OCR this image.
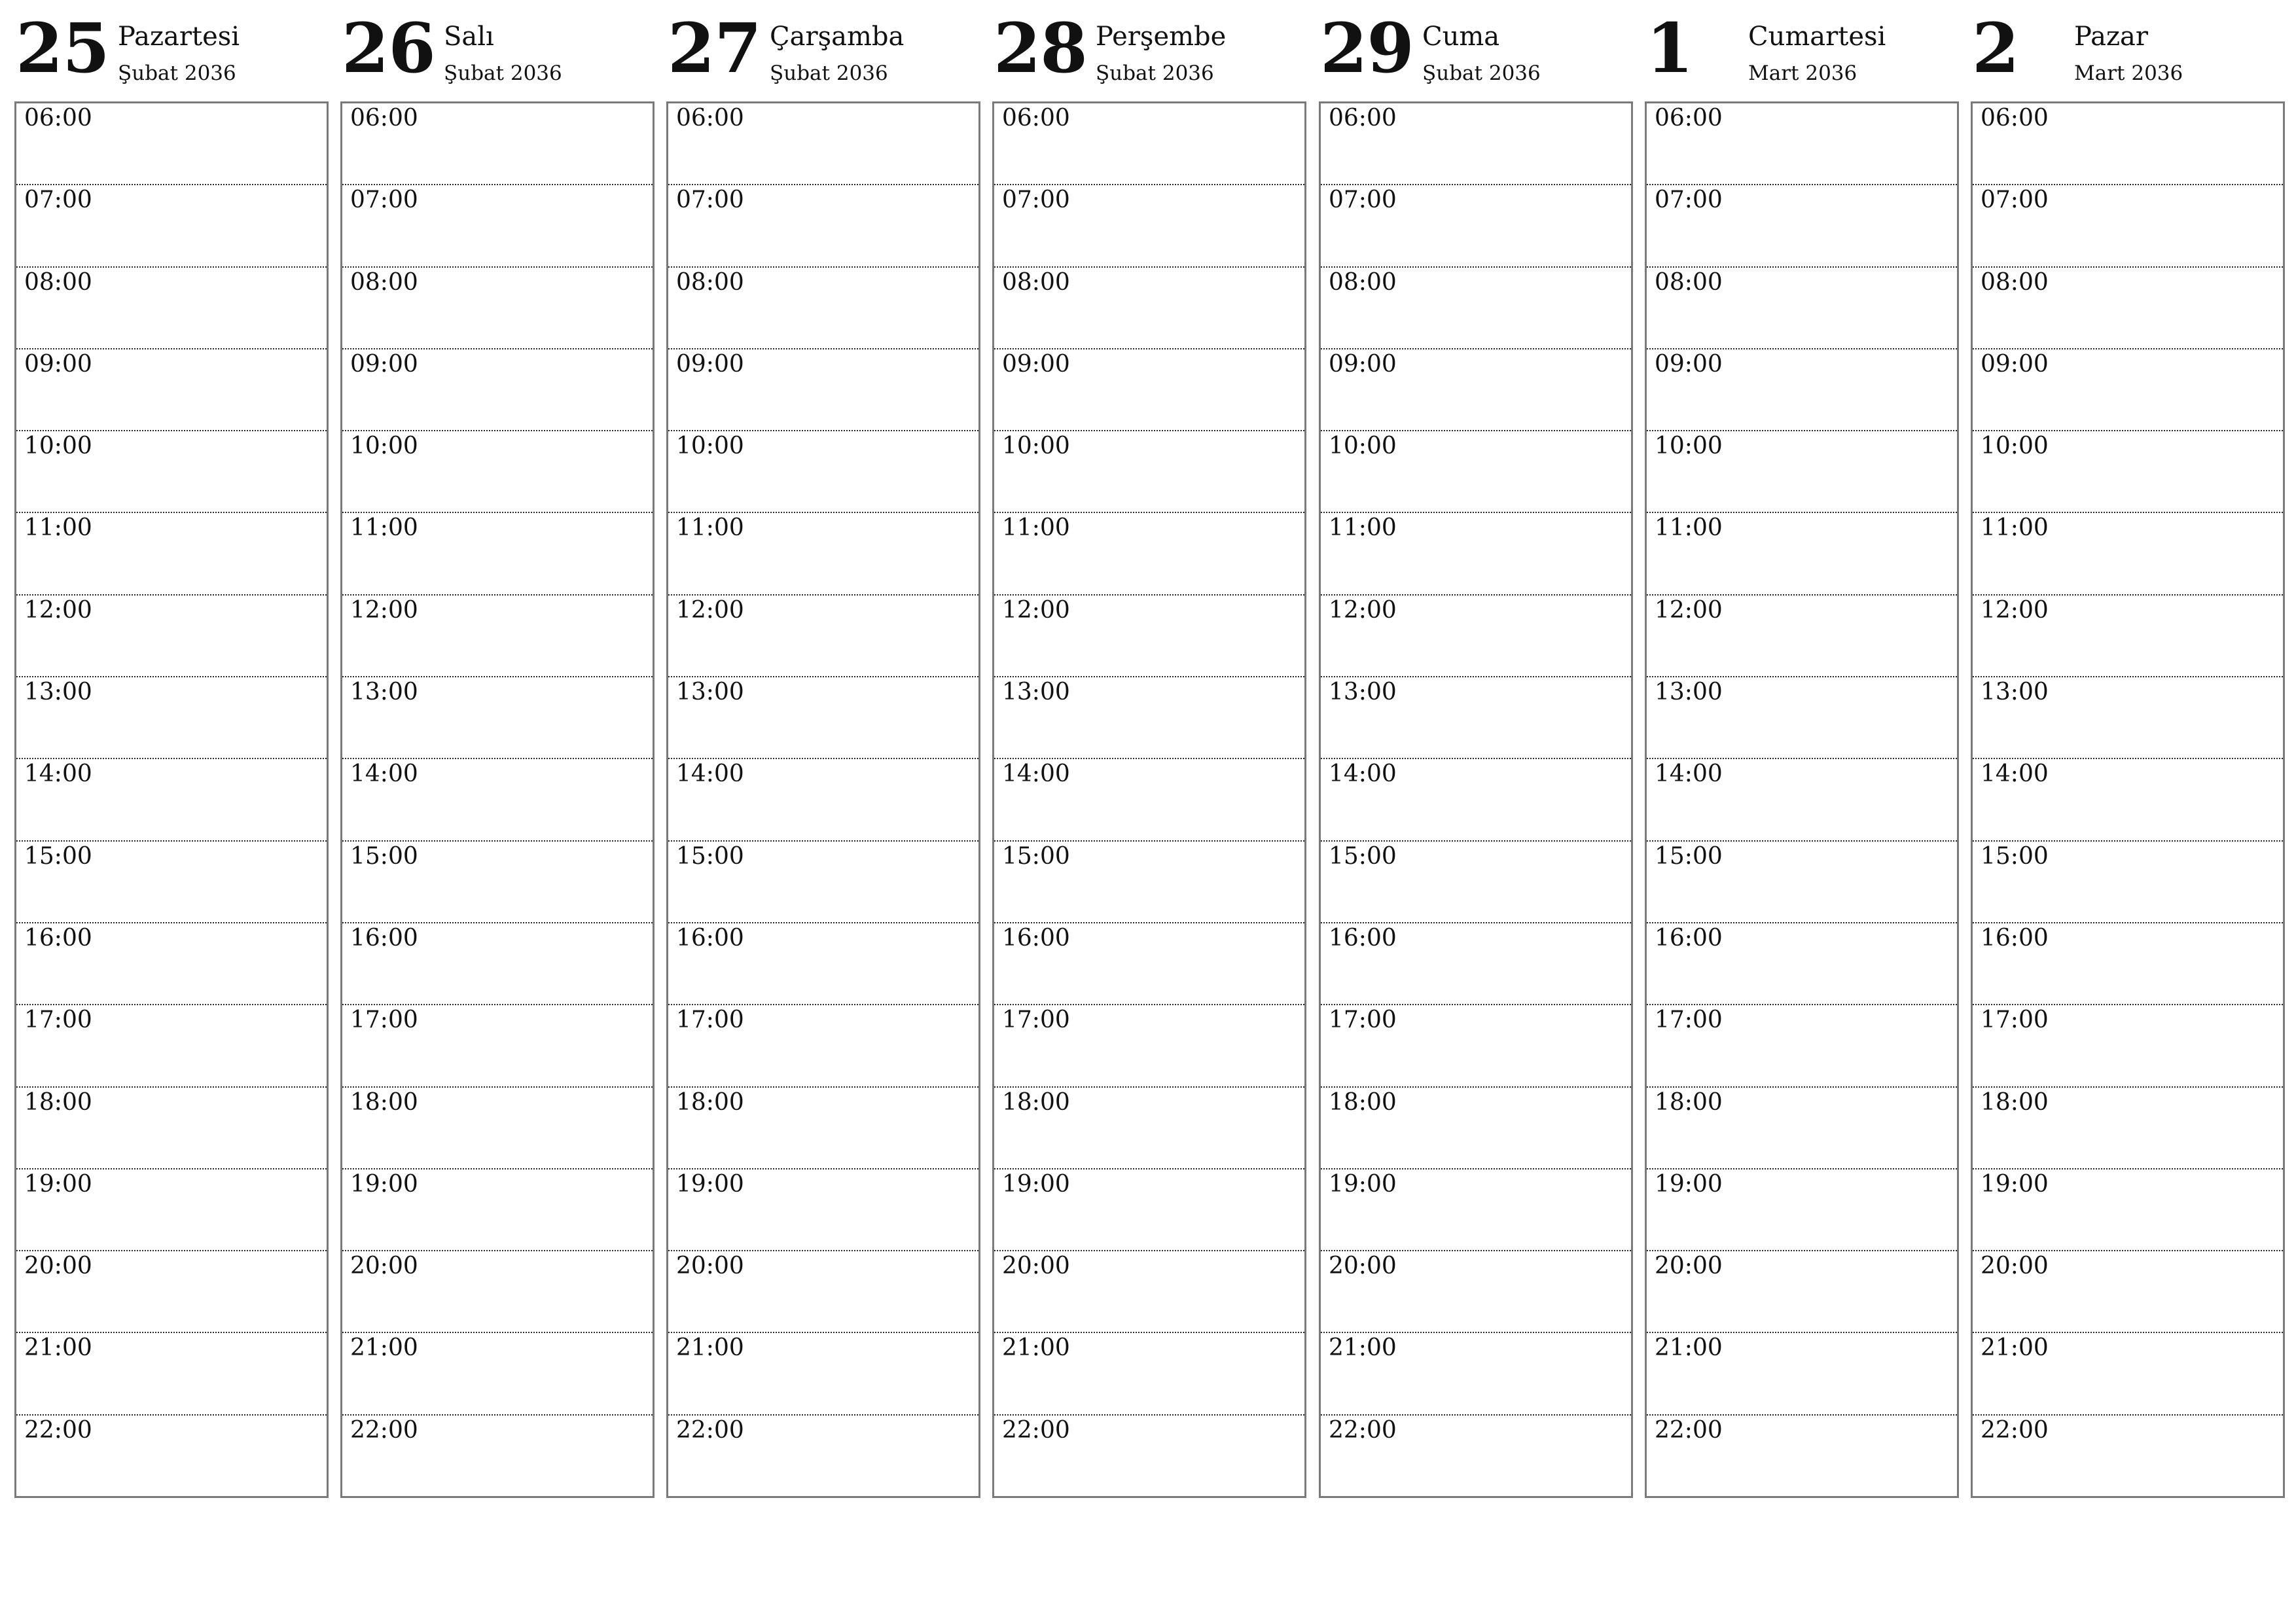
25 Pazartesi
Şubat 2036
06:00
07:00
08:00
09:00
10:00
11:00
12:00
13:00
14:00
15:00
16:00
17:00
18:00
19:00
20:00
21:00
22:00
26 Salı
Şubat 2036
06:00
07:00
08:00
09:00
10:00
11:00
12:00
13:00
14:00
15:00
16:00
17:00
18:00
19:00
20:00
21:00
22:00
27 Çarşamba
Şubat 2036
06:00
07:00
08:00
09:00
10:00
11:00
12:00
13:00
14:00
15:00
16:00
17:00
18:00
19:00
20:00
21:00
22:00
28 Perşembe
Şubat 2036
06:00
07:00
08:00
09:00
10:00
11:00
12:00
13:00
14:00
15:00
16:00
17:00
18:00
19:00
20:00
21:00
22:00
29 Cuma
Şubat 2036
06:00
07:00
08:00
09:00
10:00
11:00
12:00
13:00
14:00
15:00
16:00
17:00
18:00
19:00
20:00
21:00
22:00
1 Cumartesi
Mart 2036
06:00
07:00
08:00
09:00
10:00
11:00
12:00
13:00
14:00
15:00
16:00
17:00
18:00
19:00
20:00
21:00
22:00
2 Pazar
Mart 2036
06:00
07:00
08:00
09:00
10:00
11:00
12:00
13:00
14:00
15:00
16:00
17:00
18:00
19:00
20:00
21:00
22:00
